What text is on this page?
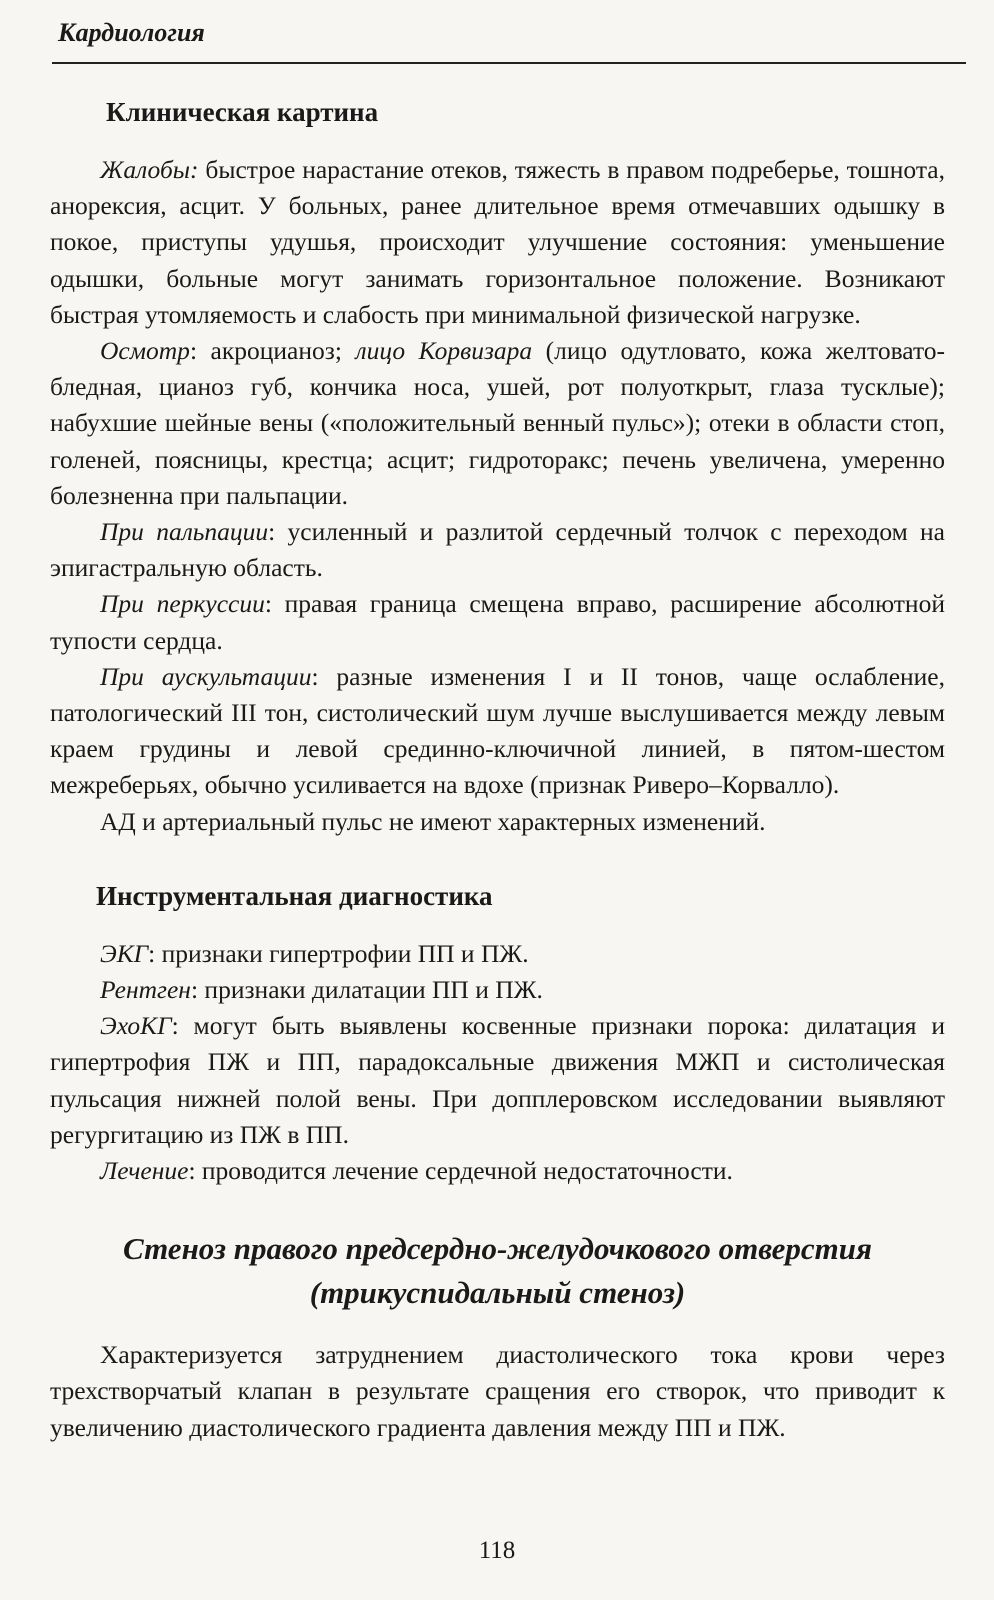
Кардиология
Клиническая картина

Жалобы: быстрое нарастание отеков, тяжесть в правом подреберье, тошнота, анорексия, асцит. У больных, ранее длительное время отмечавших одышку в покое, приступы удушья, происходит улучшение состояния: уменьшение одышки, больные могут занимать горизонтальное положение. Возникают быстрая утомляемость и слабость при минимальной физической нагрузке.

Осмотр: акроцианоз; лицо Корвизара (лицо одутловато, кожа желтовато-бледная, цианоз губ, кончика носа, ушей, рот полуоткрыт, глаза тусклые); набухшие шейные вены («положительный венный пульс»); отеки в области стоп, голеней, поясницы, крестца; асцит; гидроторакс; печень увеличена, умеренно болезненна при пальпации.

При пальпации: усиленный и разлитой сердечный толчок с переходом на эпигастральную область.

При перкуссии: правая граница смещена вправо, расширение абсолютной тупости сердца.

При аускультации: разные изменения I и II тонов, чаще ослабление, патологический III тон, систолический шум лучше выслушивается между левым краем грудины и левой срединно-ключичной линией, в пятом-шестом межреберьях, обычно усиливается на вдохе (признак Риверо–Корвалло).

АД и артериальный пульс не имеют характерных изменений.

Инструментальная диагностика

ЭКГ: признаки гипертрофии ПП и ПЖ.

Рентген: признаки дилатации ПП и ПЖ.

ЭхоКГ: могут быть выявлены косвенные признаки порока: дилатация и гипертрофия ПЖ и ПП, парадоксальные движения МЖП и систолическая пульсация нижней полой вены. При допплеровском исследовании выявляют регургитацию из ПЖ в ПП.

Лечение: проводится лечение сердечной недостаточности.

Стеноз правого предсердно-желудочкового отверстия
(трикуспидальный стеноз)

Характеризуется затруднением диастолического тока крови через трехстворчатый клапан в результате сращения его створок, что приводит к увеличению диастолического градиента давления между ПП и ПЖ.

118
